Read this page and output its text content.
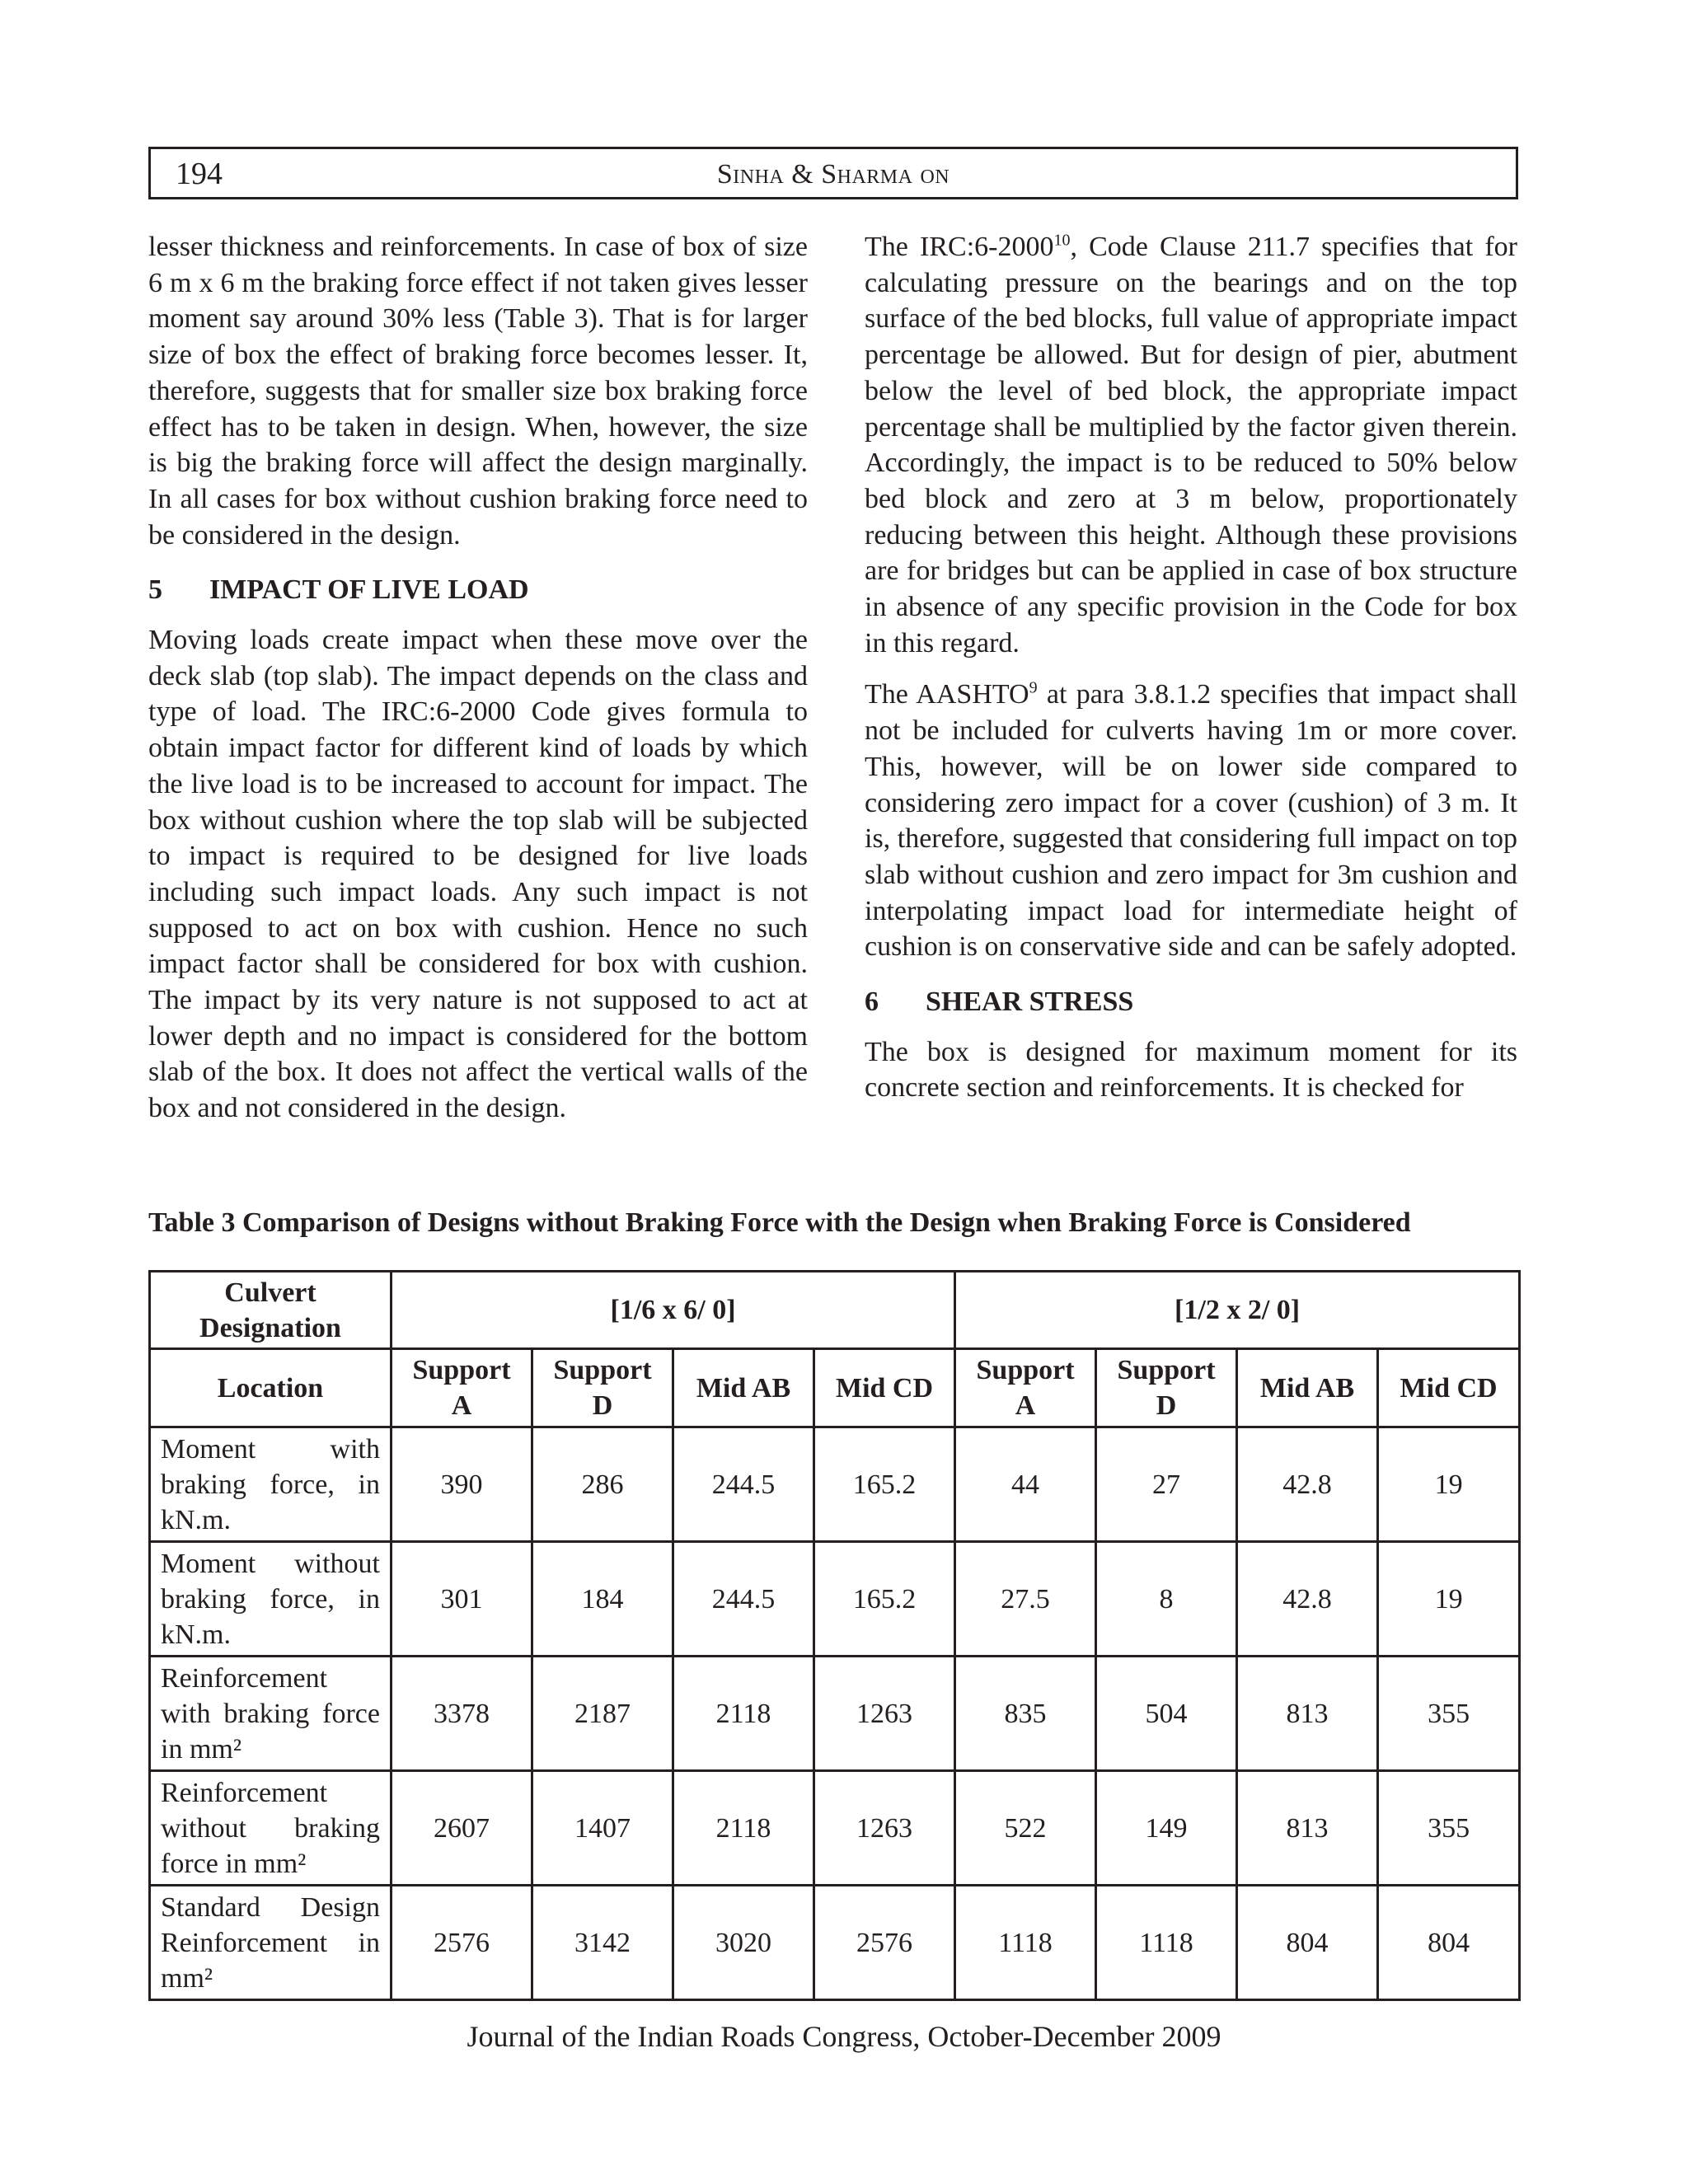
194	Sinha & Sharma on

lesser thickness and reinforcements. In case of box of size 6 m x 6 m the braking force effect if not taken gives lesser moment say around 30% less (Table 3). That is for larger size of box the effect of braking force becomes lesser. It, therefore, suggests that for smaller size box braking force effect has to be taken in design. When, however, the size is big the braking force will affect the design marginally. In all cases for box without cushion braking force need to be considered in the design.

5 IMPACT OF LIVE LOAD

Moving loads create impact when these move over the deck slab (top slab). The impact depends on the class and type of load. The IRC:6-2000 Code gives formula to obtain impact factor for different kind of loads by which the live load is to be increased to account for impact. The box without cushion where the top slab will be subjected to impact is required to be designed for live loads including such impact loads. Any such impact is not supposed to act on box with cushion. Hence no such impact factor shall be considered for box with cushion. The impact by its very nature is not supposed to act at lower depth and no impact is considered for the bottom slab of the box. It does not affect the vertical walls of the box and not considered in the design.

The IRC:6-2000$^{10}$, Code Clause 211.7 specifies that for calculating pressure on the bearings and on the top surface of the bed blocks, full value of appropriate impact percentage be allowed. But for design of pier, abutment below the level of bed block, the appropriate impact percentage shall be multiplied by the factor given therein. Accordingly, the impact is to be reduced to 50% below bed block and zero at 3 m below, proportionately reducing between this height. Although these provisions are for bridges but can be applied in case of box structure in absence of any specific provision in the Code for box in this regard.

The AASHTO$^9$ at para 3.8.1.2 specifies that impact shall not be included for culverts having 1m or more cover. This, however, will be on lower side compared to considering zero impact for a cover (cushion) of 3 m. It is, therefore, suggested that considering full impact on top slab without cushion and zero impact for 3m cushion and interpolating impact load for intermediate height of cushion is on conservative side and can be safely adopted.

6 SHEAR STRESS

The box is designed for maximum moment for its concrete section and reinforcements. It is checked for

Table 3 Comparison of Designs without Braking Force with the Design when Braking Force is Considered
Culvert Designation	[1/6 x 6/ 0]				[1/2 x 2/ 0]			
Location	Support A	Support D	Mid AB	Mid CD	Support A	Support D	Mid AB	Mid CD
Moment with braking force, in kN.m.	390	286	244.5	165.2	44	27	42.8	19
Moment without braking force, in kN.m.	301	184	244.5	165.2	27.5	8	42.8	19
Reinforcement with braking force in mm²	3378	2187	2118	1263	835	504	813	355
Reinforcement without braking force in mm²	2607	1407	2118	1263	522	149	813	355
Standard Design Reinforcement in mm²	2576	3142	3020	2576	1118	1118	804	804
Journal of the Indian Roads Congress, October-December 2009
